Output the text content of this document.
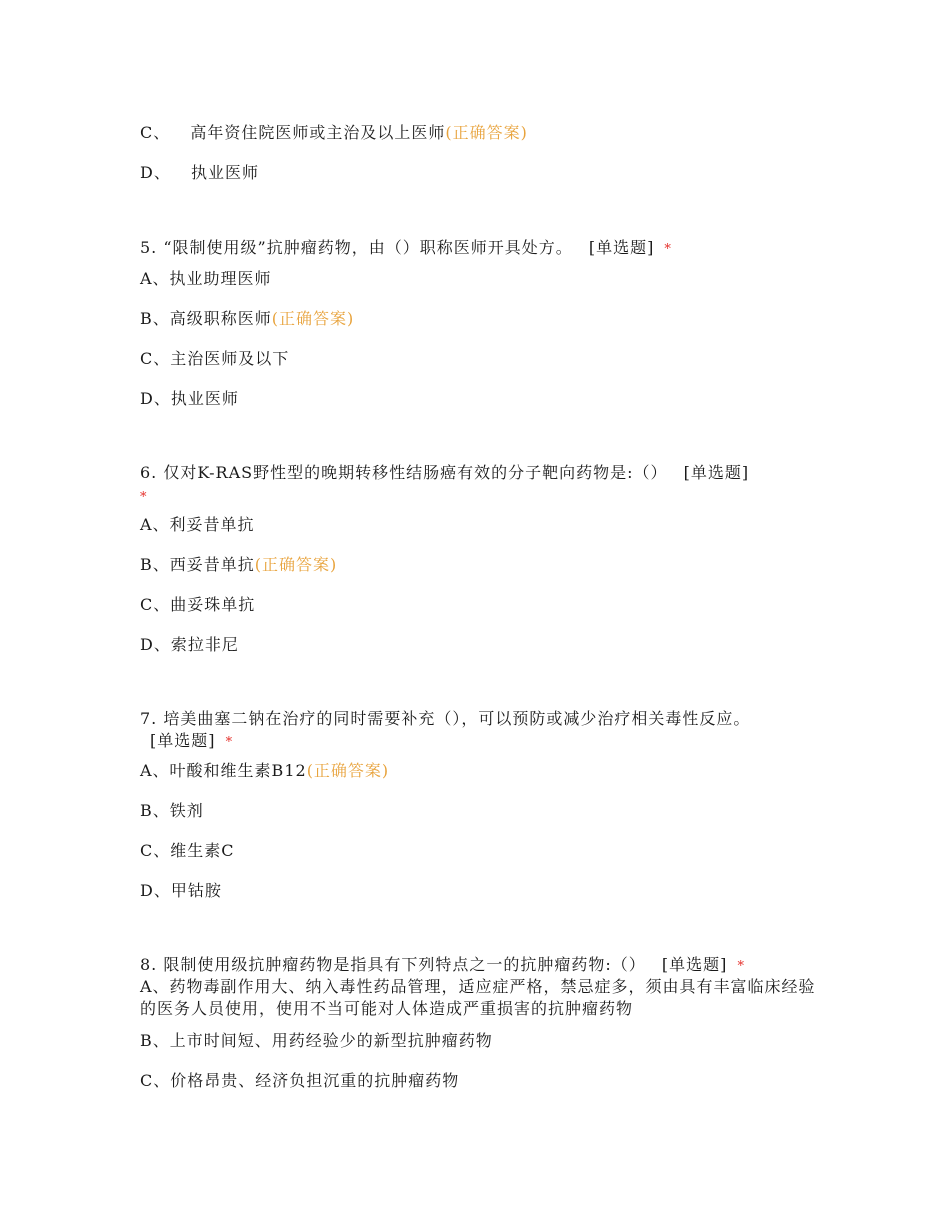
C、 高年资住院医师或主治及以上医师(正确答案)
D、 执业医师
5. “限制使用级”抗肿瘤药物，由（）职称医师开具处方。 [单选题] *
A、执业助理医师
B、高级职称医师(正确答案)
C、主治医师及以下
D、执业医师
6. 仅对K-RAS野性型的晚期转移性结肠癌有效的分子靶向药物是:（） [单选题]
*
A、利妥昔单抗
B、西妥昔单抗(正确答案)
C、曲妥珠单抗
D、索拉非尼
7. 培美曲塞二钠在治疗的同时需要补充（），可以预防或减少治疗相关毒性反应。
[单选题] *
A、叶酸和维生素B12(正确答案)
B、铁剂
C、维生素C
D、甲钴胺
8. 限制使用级抗肿瘤药物是指具有下列特点之一的抗肿瘤药物:（） [单选题] *
A、药物毒副作用大、纳入毒性药品管理，适应症严格，禁忌症多，须由具有丰富临床经验的医务人员使用，使用不当可能对人体造成严重损害的抗肿瘤药物
B、上市时间短、用药经验少的新型抗肿瘤药物
C、价格昂贵、经济负担沉重的抗肿瘤药物
